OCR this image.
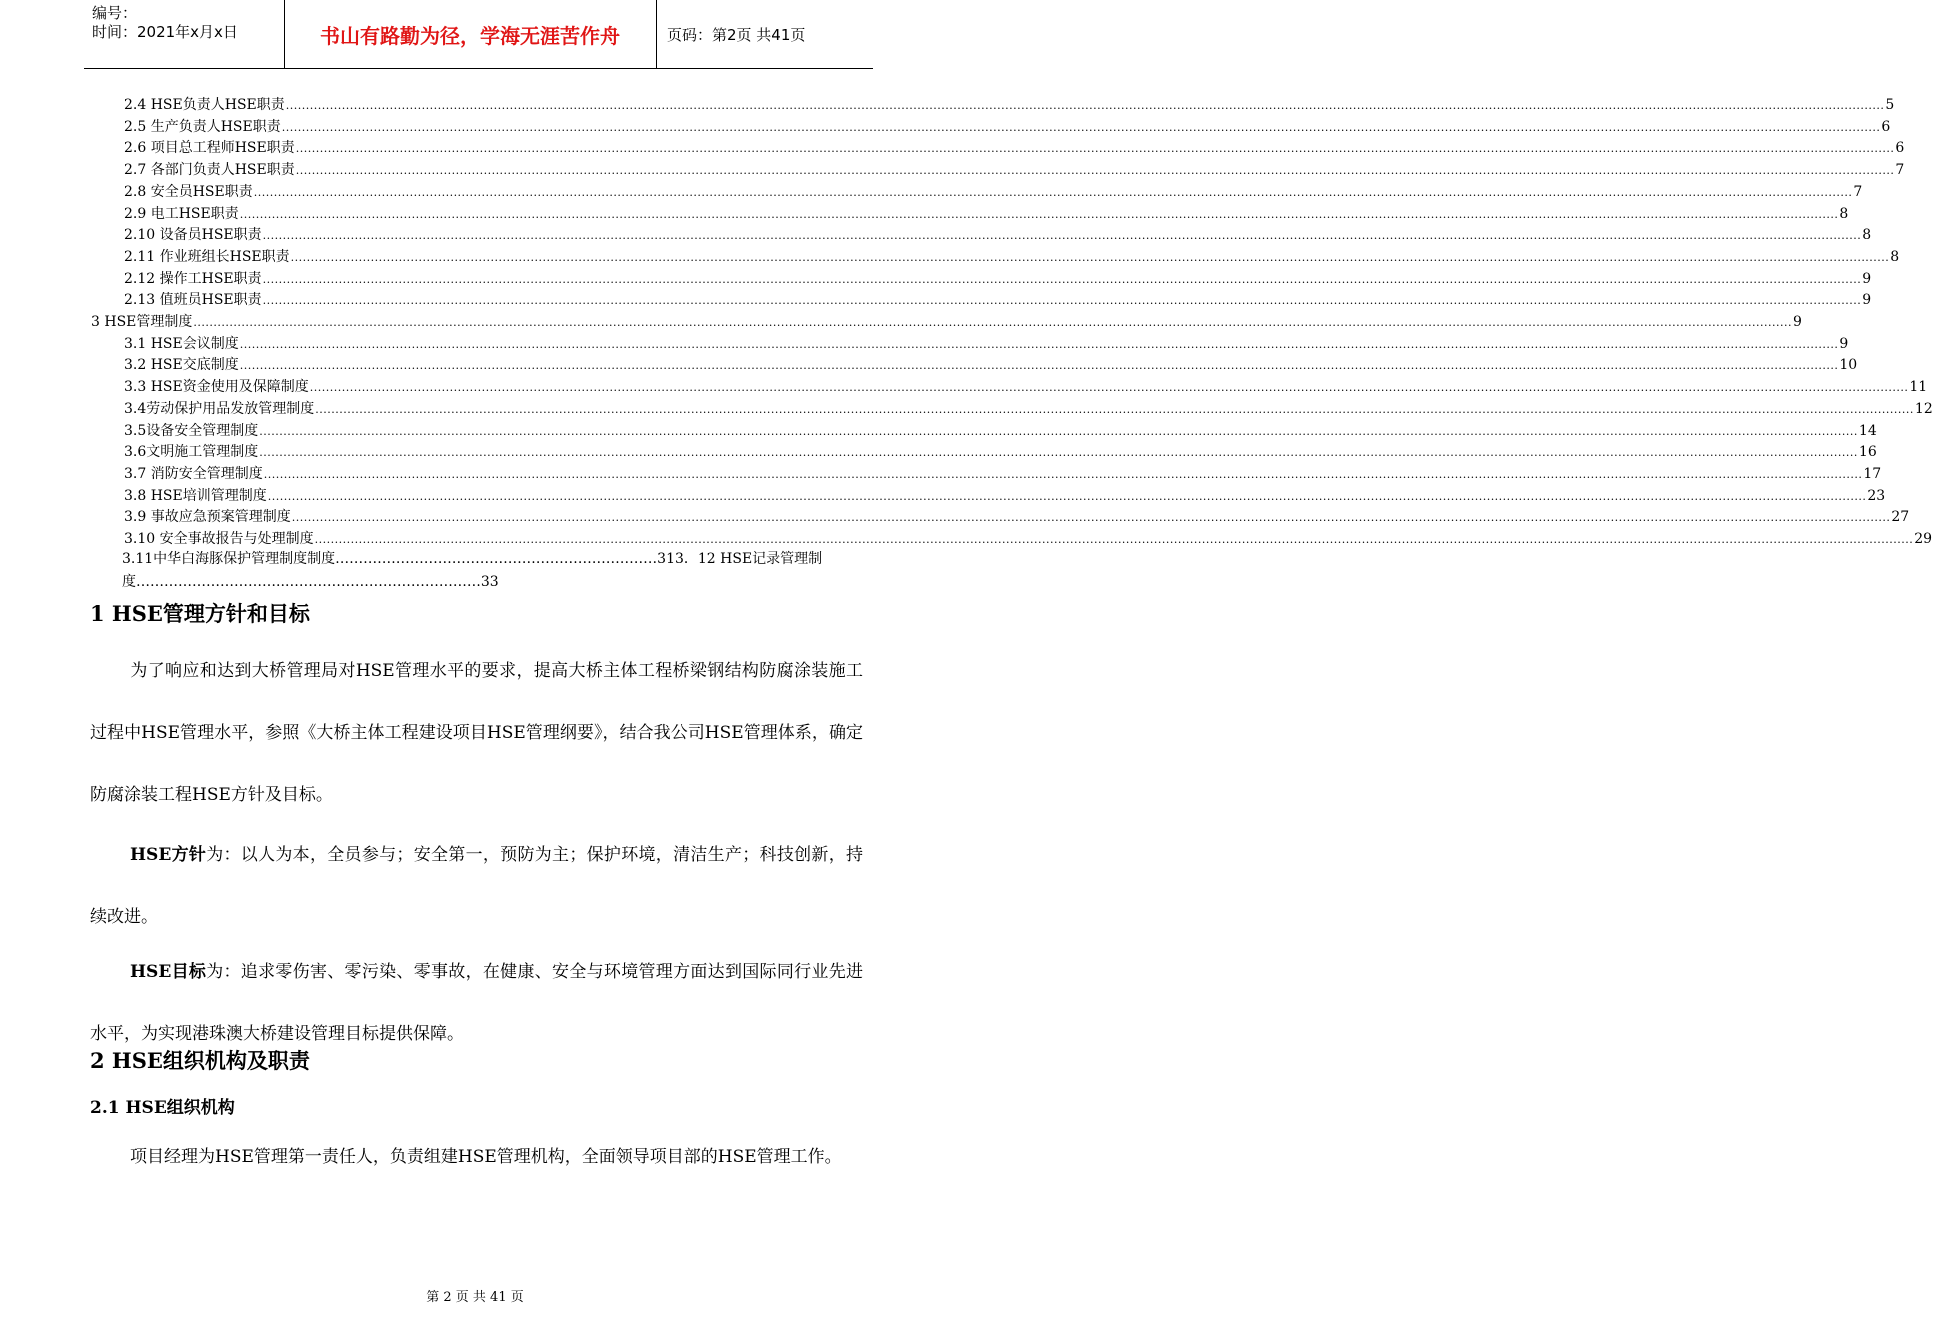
编号：
时间：2021年x月x日	书山有路勤为径，学海无涯苦作舟	页码：第2页 共41页
2.4 HSE负责人HSE职责 ................................................................................................................................................................................................................................................................................................................................................................................................................ 5
2.5 生产负责人HSE职责 ................................................................................................................................................................................................................................................................................................................................................................................................................ 6
2.6 项目总工程师HSE职责 ................................................................................................................................................................................................................................................................................................................................................................................................................ 6
2.7 各部门负责人HSE职责 ................................................................................................................................................................................................................................................................................................................................................................................................................ 7
2.8 安全员HSE职责 ................................................................................................................................................................................................................................................................................................................................................................................................................ 7
2.9 电工HSE职责 ................................................................................................................................................................................................................................................................................................................................................................................................................ 8
2.10 设备员HSE职责 ................................................................................................................................................................................................................................................................................................................................................................................................................ 8
2.11 作业班组长HSE职责 ................................................................................................................................................................................................................................................................................................................................................................................................................ 8
2.12 操作工HSE职责 ................................................................................................................................................................................................................................................................................................................................................................................................................ 9
2.13 值班员HSE职责 ................................................................................................................................................................................................................................................................................................................................................................................................................ 9
3 HSE管理制度 ................................................................................................................................................................................................................................................................................................................................................................................................................ 9
3.1 HSE会议制度 ................................................................................................................................................................................................................................................................................................................................................................................................................ 9
3.2 HSE交底制度 ................................................................................................................................................................................................................................................................................................................................................................................................................ 10
3.3 HSE资金使用及保障制度 ................................................................................................................................................................................................................................................................................................................................................................................................................ 11
3.4劳动保护用品发放管理制度 ................................................................................................................................................................................................................................................................................................................................................................................................................ 12
3.5设备安全管理制度 ................................................................................................................................................................................................................................................................................................................................................................................................................ 14
3.6文明施工管理制度 ................................................................................................................................................................................................................................................................................................................................................................................................................ 16
3.7 消防安全管理制度 ................................................................................................................................................................................................................................................................................................................................................................................................................ 17
3.8 HSE培训管理制度 ................................................................................................................................................................................................................................................................................................................................................................................................................ 23
3.9 事故应急预案管理制度 ................................................................................................................................................................................................................................................................................................................................................................................................................ 27
3.10 安全事故报告与处理制度 ................................................................................................................................................................................................................................................................................................................................................................................................................ 29
3.11中华白海豚保护管理制度制度……………………………………………………………313．12 HSE记录管理制度…………………………..……………………………………33
1 HSE管理方针和目标

为了响应和达到大桥管理局对HSE管理水平的要求，提高大桥主体工程桥梁钢结构防腐涂装施工过程中HSE管理水平，参照《大桥主体工程建设项目HSE管理纲要》，结合我公司HSE管理体系，确定防腐涂装工程HSE方针及目标。

HSE方针为：以人为本，全员参与；安全第一，预防为主；保护环境，清洁生产；科技创新，持续改进。

HSE目标为：追求零伤害、零污染、零事故，在健康、安全与环境管理方面达到国际同行业先进水平，为实现港珠澳大桥建设管理目标提供保障。

2 HSE组织机构及职责
2.1 HSE组织机构

项目经理为HSE管理第一责任人，负责组建HSE管理机构，全面领导项目部的HSE管理工作。

第 2 页 共 41 页
